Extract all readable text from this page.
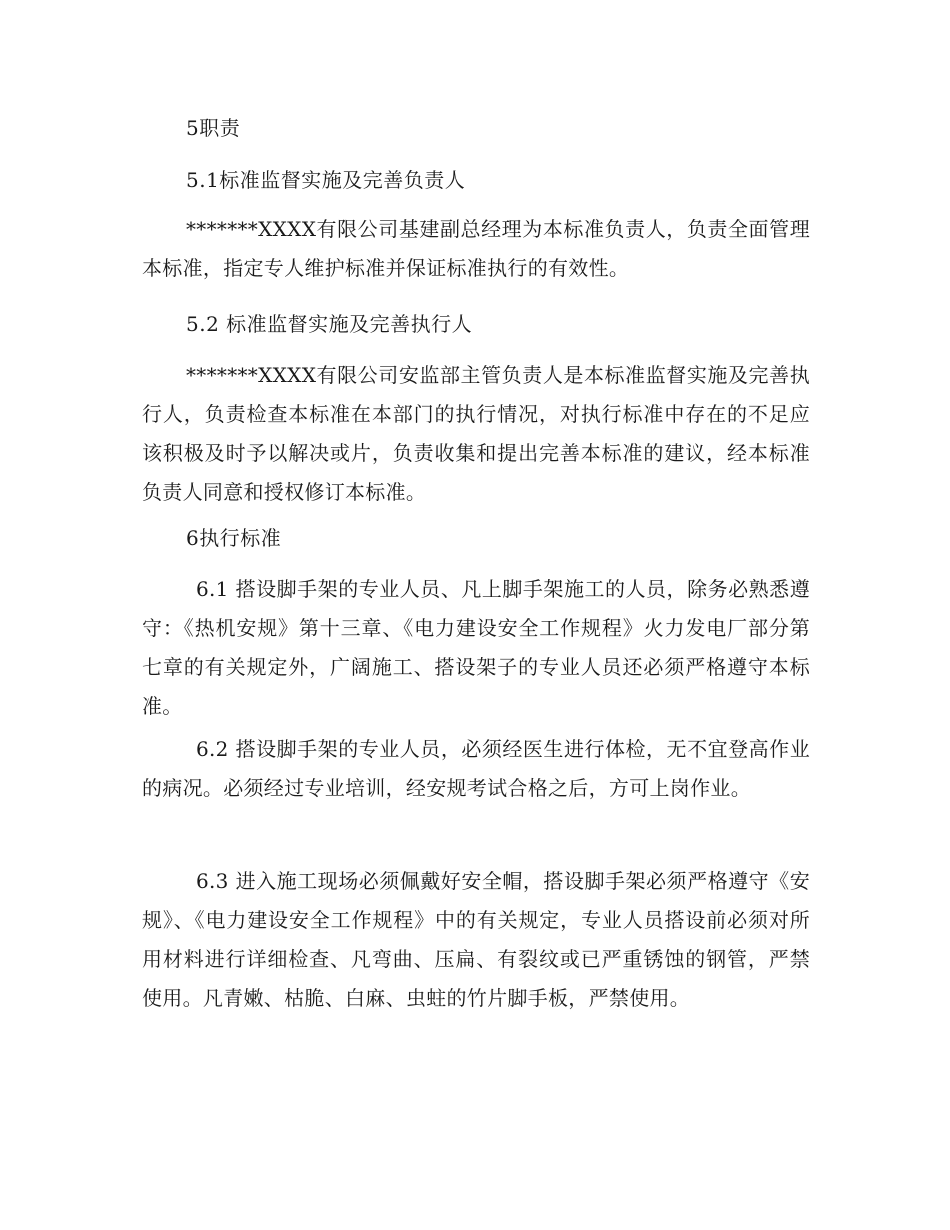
5职责
5.1标准监督实施及完善负责人
*******XXXX有限公司基建副总经理为本标准负责人，负责全面管理本标准，指定专人维护标准并保证标准执行的有效性。
5.2 标准监督实施及完善执行人
*******XXXX有限公司安监部主管负责人是本标准监督实施及完善执行人，负责检查本标准在本部门的执行情况，对执行标准中存在的不足应该积极及时予以解决或片，负责收集和提出完善本标准的建议，经本标准负责人同意和授权修订本标准。
6执行标准
6.1 搭设脚手架的专业人员、凡上脚手架施工的人员，除务必熟悉遵守：《热机安规》第十三章、《电力建设安全工作规程》火力发电厂部分第七章的有关规定外，广阔施工、搭设架子的专业人员还必须严格遵守本标准。
6.2 搭设脚手架的专业人员，必须经医生进行体检，无不宜登高作业的病况。必须经过专业培训，经安规考试合格之后，方可上岗作业。
6.3 进入施工现场必须佩戴好安全帽，搭设脚手架必须严格遵守《安规》、《电力建设安全工作规程》中的有关规定，专业人员搭设前必须对所用材料进行详细检查、凡弯曲、压扁、有裂纹或已严重锈蚀的钢管，严禁使用。凡青嫩、枯脆、白麻、虫蛀的竹片脚手板，严禁使用。
